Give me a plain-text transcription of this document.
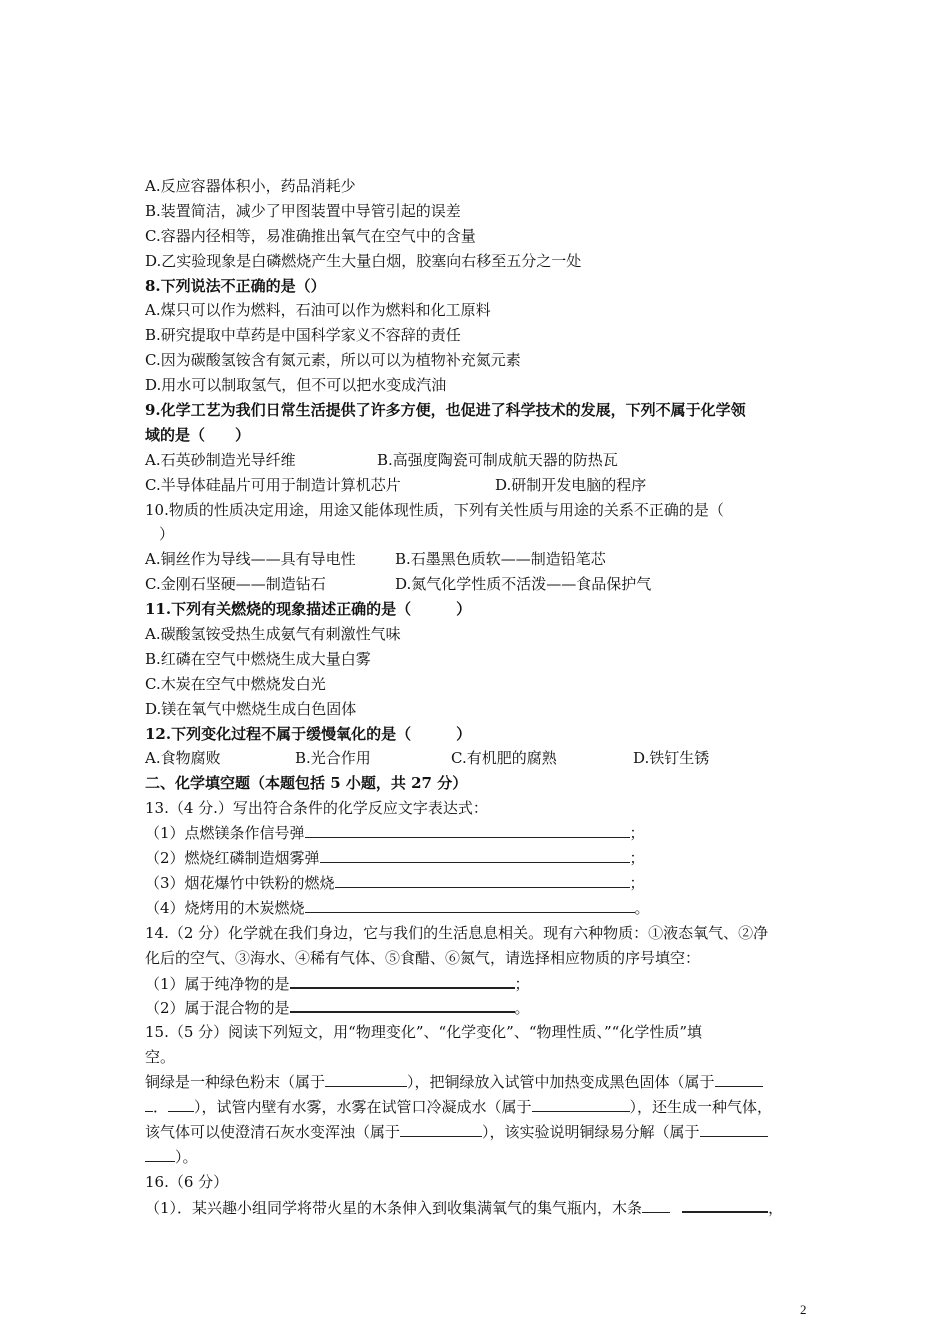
A.反应容器体积小，药品消耗少
B.装置简洁，减少了甲图装置中导管引起的误差
C.容器内径相等，易准确推出氧气在空气中的含量
D.乙实验现象是白磷燃烧产生大量白烟，胶塞向右移至五分之一处
8.下列说法不正确的是（）
A.煤只可以作为燃料，石油可以作为燃料和化工原料
B.研究提取中草药是中国科学家义不容辞的责任
C.因为碳酸氢铵含有氮元素，所以可以为植物补充氮元素
D.用水可以制取氢气，但不可以把水变成汽油
9.化学工艺为我们日常生活提供了许多方便，也促进了科学技术的发展，下列不属于化学领
域的是（　　）
A.石英砂制造光导纤维	B.高强度陶瓷可制成航天器的防热瓦
C.半导体硅晶片可用于制造计算机芯片	D.研制开发电脑的程序
10.物质的性质决定用途，用途又能体现性质，下列有关性质与用途的关系不正确的是（
）
A.铜丝作为导线——具有导电性	B.石墨黑色质软——制造铅笔芯
C.金刚石坚硬——制造钻石	D.氮气化学性质不活泼——食品保护气
11.下列有关燃烧的现象描述正确的是（　　　）
A.碳酸氢铵受热生成氨气有刺激性气味
B.红磷在空气中燃烧生成大量白雾
C.木炭在空气中燃烧发白光
D.镁在氧气中燃烧生成白色固体
12.下列变化过程不属于缓慢氧化的是（　　　）
A.食物腐败	B.光合作用	C.有机肥的腐熟	D.铁钉生锈
二、化学填空题（本题包括 5 小题，共 27 分）
13.（4 分.）写出符合条件的化学反应文字表达式：
（1）点燃镁条作信号弹	；
（2）燃烧红磷制造烟雾弹	；
（3）烟花爆竹中铁粉的燃烧	；
（4）烧烤用的木炭燃烧	。
14.（2 分）化学就在我们身边，它与我们的生活息息相关。现有六种物质：①液态氧气、②净
化后的空气、③海水、④稀有气体、⑤食醋、⑥氮气，请选择相应物质的序号填空：
（1）属于纯净物的是	；
（2）属于混合物的是	。
15.（5 分）阅读下列短文，用“物理变化”、“化学变化”、“物理性质、”“化学性质”填
空。
铜绿是一种绿色粉末（属于	），把铜绿放入试管中加热变成黑色固体（属于
． ），试管内壁有水雾，水雾在试管口冷凝成水（属于	），还生成一种气体，
该气体可以使澄清石灰水变浑浊（属于	），该实验说明铜绿易分解（属于
）。
16.（6 分）
（1）．某兴趣小组同学将带火星的木条伸入到收集满氧气的集气瓶内，木条	，
2
